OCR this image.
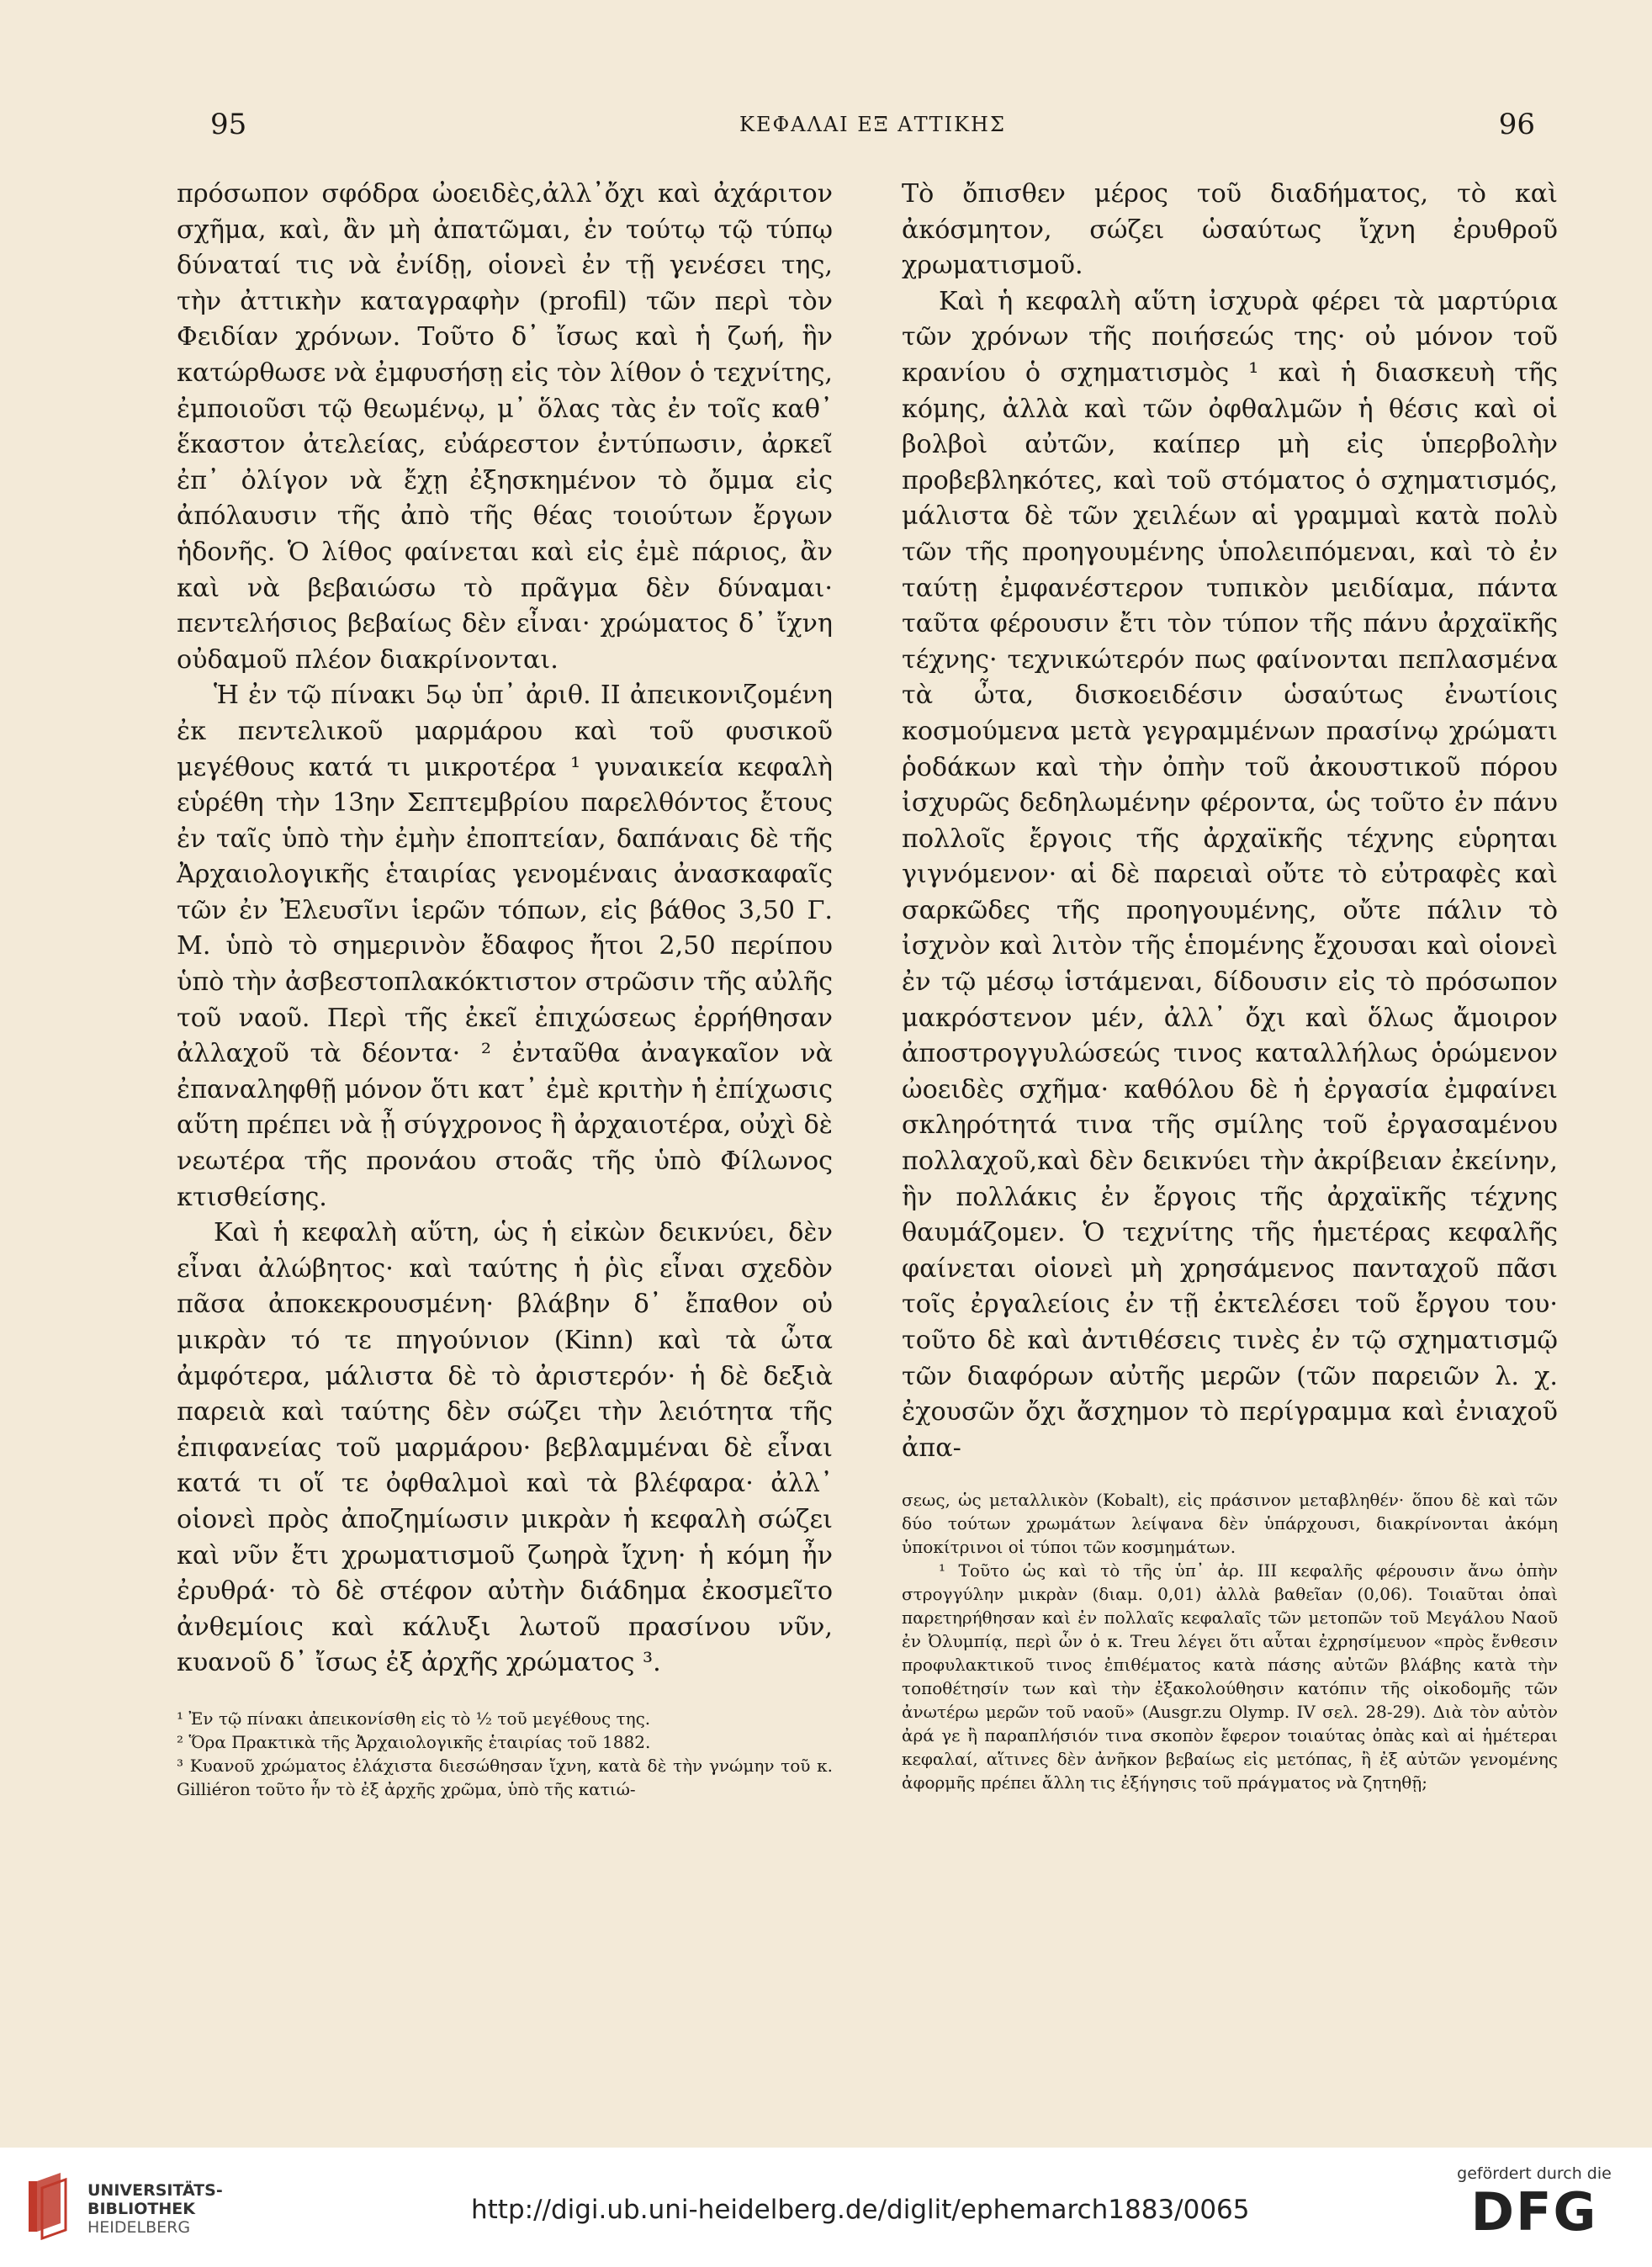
95	ΚΕΦΑΛΑΙ ΕΞ ΑΤΤΙΚΗΣ	96

πρόσωπον σφόδρα ὠοειδὲς,ἀλλ᾽ὄχι καὶ ἀχάριτον σχῆμα, καὶ, ἂν μὴ ἀπατῶμαι, ἐν τούτῳ τῷ τύπῳ δύναταί τις νὰ ἐνίδῃ, οἱονεὶ ἐν τῇ γενέσει της, τὴν ἀττικὴν καταγραφὴν (profil) τῶν περὶ τὸν Φειδίαν χρόνων. Τοῦτο δ᾽ ἴσως καὶ ἡ ζωή, ἣν κατώρθωσε νὰ ἐμφυσήσῃ εἰς τὸν λίθον ὁ τεχνίτης, ἐμποιοῦσι τῷ θεωμένῳ, μ᾽ ὅλας τὰς ἐν τοῖς καθ᾽ ἕκαστον ἀτελείας, εὐάρεστον ἐντύπωσιν, ἀρκεῖ ἐπ᾽ ὀλίγον νὰ ἔχῃ ἐξησκημένον τὸ ὄμμα εἰς ἀπόλαυσιν τῆς ἀπὸ τῆς θέας τοιούτων ἔργων ἡδονῆς. Ὁ λίθος φαίνεται καὶ εἰς ἐμὲ πάριος, ἂν καὶ νὰ βεβαιώσω τὸ πρᾶγμα δὲν δύναμαι· πεντελήσιος βεβαίως δὲν εἶναι· χρώματος δ᾽ ἴχνη οὐδαμοῦ πλέον διακρίνονται.

Ἡ ἐν τῷ πίνακι 5ῳ ὑπ᾽ ἀριθ. II ἀπεικονιζομένη ἐκ πεντελικοῦ μαρμάρου καὶ τοῦ φυσικοῦ μεγέθους κατά τι μικροτέρα ¹ γυναικεία κεφαλὴ εὑρέθη τὴν 13ην Σεπτεμβρίου παρελθόντος ἔτους ἐν ταῖς ὑπὸ τὴν ἐμὴν ἐποπτείαν, δαπάναις δὲ τῆς Ἀρχαιολογικῆς ἑταιρίας γενομέναις ἀνασκαφαῖς τῶν ἐν Ἐλευσῖνι ἱερῶν τόπων, εἰς βάθος 3,50 Γ. Μ. ὑπὸ τὸ σημερινὸν ἔδαφος ἤτοι 2,50 περίπου ὑπὸ τὴν ἀσβεστοπλακόκτιστον στρῶσιν τῆς αὐλῆς τοῦ ναοῦ. Περὶ τῆς ἐκεῖ ἐπιχώσεως ἐρρήθησαν ἀλλαχοῦ τὰ δέοντα· ² ἐνταῦθα ἀναγκαῖον νὰ ἐπαναληφθῇ μόνον ὅτι κατ᾽ ἐμὲ κριτὴν ἡ ἐπίχωσις αὕτη πρέπει νὰ ᾖ σύγχρονος ἢ ἀρχαιοτέρα, οὐχὶ δὲ νεωτέρα τῆς προνάου στοᾶς τῆς ὑπὸ Φίλωνος κτισθείσης.

Καὶ ἡ κεφαλὴ αὕτη, ὡς ἡ εἰκὼν δεικνύει, δὲν εἶναι ἀλώβητος· καὶ ταύτης ἡ ῥὶς εἶναι σχεδὸν πᾶσα ἀποκεκρουσμένη· βλάβην δ᾽ ἔπαθον οὐ μικρὰν τό τε πηγούνιον (Kinn) καὶ τὰ ὦτα ἀμφότερα, μάλιστα δὲ τὸ ἀριστερόν· ἡ δὲ δεξιὰ παρειὰ καὶ ταύτης δὲν σώζει τὴν λειότητα τῆς ἐπιφανείας τοῦ μαρμάρου· βεβλαμμέναι δὲ εἶναι κατά τι οἵ τε ὀφθαλμοὶ καὶ τὰ βλέφαρα· ἀλλ᾽ οἱονεὶ πρὸς ἀποζημίωσιν μικρὰν ἡ κεφαλὴ σώζει καὶ νῦν ἔτι χρωματισμοῦ ζωηρὰ ἴχνη· ἡ κόμη ἦν ἐρυθρά· τὸ δὲ στέφον αὐτὴν διάδημα ἐκοσμεῖτο ἀνθεμίοις καὶ κάλυξι λωτοῦ πρασίνου νῦν, κυανοῦ δ᾽ ἴσως ἐξ ἀρχῆς χρώματος ³.

¹ Ἐν τῷ πίνακι ἀπεικονίσθη εἰς τὸ ½ τοῦ μεγέθους της.

² Ὅρα Πρακτικὰ τῆς Ἀρχαιολογικῆς ἑταιρίας τοῦ 1882.

³ Κυανοῦ χρώματος ἐλάχιστα διεσώθησαν ἴχνη, κατὰ δὲ τὴν γνώμην τοῦ κ. Gilliéron τοῦτο ἦν τὸ ἐξ ἀρχῆς χρῶμα, ὑπὸ τῆς κατιώ-

Τὸ ὄπισθεν μέρος τοῦ διαδήματος, τὸ καὶ ἀκόσμητον, σώζει ὡσαύτως ἴχνη ἐρυθροῦ χρωματισμοῦ.

Καὶ ἡ κεφαλὴ αὕτη ἰσχυρὰ φέρει τὰ μαρτύρια τῶν χρόνων τῆς ποιήσεώς της· οὐ μόνον τοῦ κρανίου ὁ σχηματισμὸς ¹ καὶ ἡ διασκευὴ τῆς κόμης, ἀλλὰ καὶ τῶν ὀφθαλμῶν ἡ θέσις καὶ οἱ βολβοὶ αὐτῶν, καίπερ μὴ εἰς ὑπερβολὴν προβεβληκότες, καὶ τοῦ στόματος ὁ σχηματισμός, μάλιστα δὲ τῶν χειλέων αἱ γραμμαὶ κατὰ πολὺ τῶν τῆς προηγουμένης ὑπολειπόμεναι, καὶ τὸ ἐν ταύτῃ ἐμφανέστερον τυπικὸν μειδίαμα, πάντα ταῦτα φέρουσιν ἔτι τὸν τύπον τῆς πάνυ ἀρχαϊκῆς τέχνης· τεχνικώτερόν πως φαίνονται πεπλασμένα τὰ ὦτα, δισκοειδέσιν ὡσαύτως ἐνωτίοις κοσμούμενα μετὰ γεγραμμένων πρασίνῳ χρώματι ῥοδάκων καὶ τὴν ὀπὴν τοῦ ἀκουστικοῦ πόρου ἰσχυρῶς δεδηλωμένην φέροντα, ὡς τοῦτο ἐν πάνυ πολλοῖς ἔργοις τῆς ἀρχαϊκῆς τέχνης εὑρηται γιγνόμενον· αἱ δὲ παρειαὶ οὔτε τὸ εὐτραφὲς καὶ σαρκῶδες τῆς προηγουμένης, οὔτε πάλιν τὸ ἰσχνὸν καὶ λιτὸν τῆς ἑπομένης ἔχουσαι καὶ οἱονεὶ ἐν τῷ μέσῳ ἱστάμεναι, δίδουσιν εἰς τὸ πρόσωπον μακρόστενον μέν, ἀλλ᾽ ὄχι καὶ ὅλως ἄμοιρον ἀποστρογγυλώσεώς τινος καταλλήλως ὁρώμενον ὠοειδὲς σχῆμα· καθόλου δὲ ἡ ἐργασία ἐμφαίνει σκληρότητά τινα τῆς σμίλης τοῦ ἐργασαμένου πολλαχοῦ,καὶ δὲν δεικνύει τὴν ἀκρίβειαν ἐκείνην, ἣν πολλάκις ἐν ἔργοις τῆς ἀρχαϊκῆς τέχνης θαυμάζομεν. Ὁ τεχνίτης τῆς ἡμετέρας κεφαλῆς φαίνεται οἱονεὶ μὴ χρησάμενος πανταχοῦ πᾶσι τοῖς ἐργαλείοις ἐν τῇ ἐκτελέσει τοῦ ἔργου του· τοῦτο δὲ καὶ ἀντιθέσεις τινὲς ἐν τῷ σχηματισμῷ τῶν διαφόρων αὐτῆς μερῶν (τῶν παρειῶν λ. χ. ἐχουσῶν ὄχι ἄσχημον τὸ περίγραμμα καὶ ἐνιαχοῦ ἀπα-

σεως, ὡς μεταλλικὸν (Kobalt), εἰς πράσινον μεταβληθέν· ὅπου δὲ καὶ τῶν δύο τούτων χρωμάτων λείψανα δὲν ὑπάρχουσι, διακρίνονται ἀκόμη ὑποκίτρινοι οἱ τύποι τῶν κοσμημάτων.

¹ Τοῦτο ὡς καὶ τὸ τῆς ὑπ᾽ ἀρ. III κεφαλῆς φέρουσιν ἄνω ὀπὴν στρογγύλην μικρὰν (διαμ. 0,01) ἀλλὰ βαθεῖαν (0,06). Τοιαῦται ὀπαὶ παρετηρήθησαν καὶ ἐν πολλαῖς κεφαλαῖς τῶν μετοπῶν τοῦ Μεγάλου Ναοῦ ἐν Ὀλυμπίᾳ, περὶ ὧν ὁ κ. Treu λέγει ὅτι αὗται ἐχρησίμευον «πρὸς ἔνθεσιν προφυλακτικοῦ τινος ἐπιθέματος κατὰ πάσης αὐτῶν βλάβης κατὰ τὴν τοποθέτησίν των καὶ τὴν ἐξακολούθησιν κατόπιν τῆς οἰκοδομῆς τῶν ἀνωτέρω μερῶν τοῦ ναοῦ» (Ausgr.zu Olymp. IV σελ. 28-29). Διὰ τὸν αὐτὸν ἀρά γε ἢ παραπλήσιόν τινα σκοπὸν ἔφερον τοιαύτας ὀπὰς καὶ αἱ ἡμέτεραι κεφαλαί, αἵτινες δὲν ἀνῆκον βεβαίως εἰς μετόπας, ἢ ἐξ αὐτῶν γενομένης ἀφορμῆς πρέπει ἄλλη τις ἐξήγησις τοῦ πράγματος νὰ ζητηθῇ;

UNIVERSITÄTS-
BIBLIOTHEK
HEIDELBERG
http://digi.ub.uni-heidelberg.de/diglit/ephemarch1883/0065
gefördert durch die
DFG
